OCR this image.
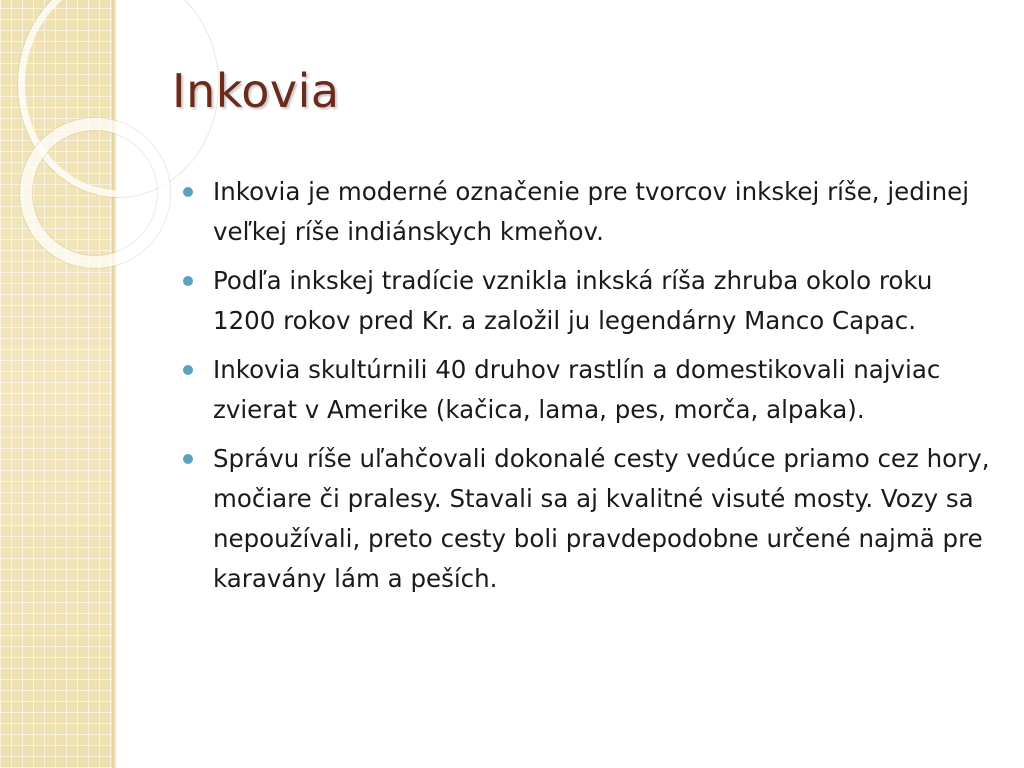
Inkovia
Inkovia je moderné označenie pre tvorcov inkskej ríše, jedinej veľkej ríše indiánskych kmeňov.
Podľa inkskej tradície vznikla inkská ríša zhruba okolo roku 1200 rokov pred Kr. a založil ju legendárny Manco Capac.
Inkovia skultúrnili 40 druhov rastlín a domestikovali najviac zvierat v Amerike (kačica, lama, pes, morča, alpaka).
Správu ríše uľahčovali dokonalé cesty vedúce priamo cez hory, močiare či pralesy. Stavali sa aj kvalitné visuté mosty. Vozy sa nepoužívali, preto cesty boli pravdepodobne určené najmä pre karavány lám a peších.
